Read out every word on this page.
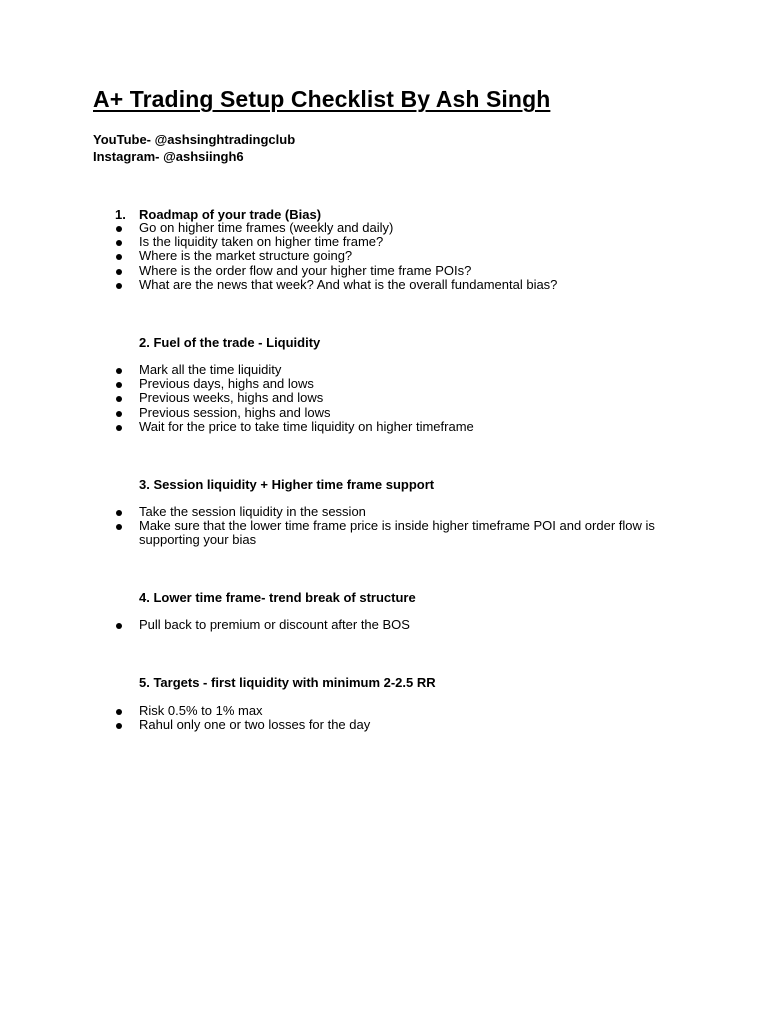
A+ Trading Setup Checklist By Ash Singh
YouTube- @ashsinghtradingclub
Instagram- @ashsiingh6

1. Roadmap of your trade (Bias)

Go on higher time frames (weekly and daily)
Is the liquidity taken on higher time frame?
Where is the market structure going?
Where is the order flow and your higher time frame POIs?
What are the news that week? And what is the overall fundamental bias?

2. Fuel of the trade - Liquidity

Mark all the time liquidity
Previous days, highs and lows
Previous weeks, highs and lows
Previous session, highs and lows
Wait for the price to take time liquidity on higher timeframe

3. Session liquidity + Higher time frame support

Take the session liquidity in the session
Make sure that the lower time frame price is inside higher timeframe POI and order flow is supporting your bias

4. Lower time frame- trend break of structure

Pull back to premium or discount after the BOS

5. Targets - first liquidity with minimum 2-2.5 RR

Risk 0.5% to 1% max
Rahul only one or two losses for the day
